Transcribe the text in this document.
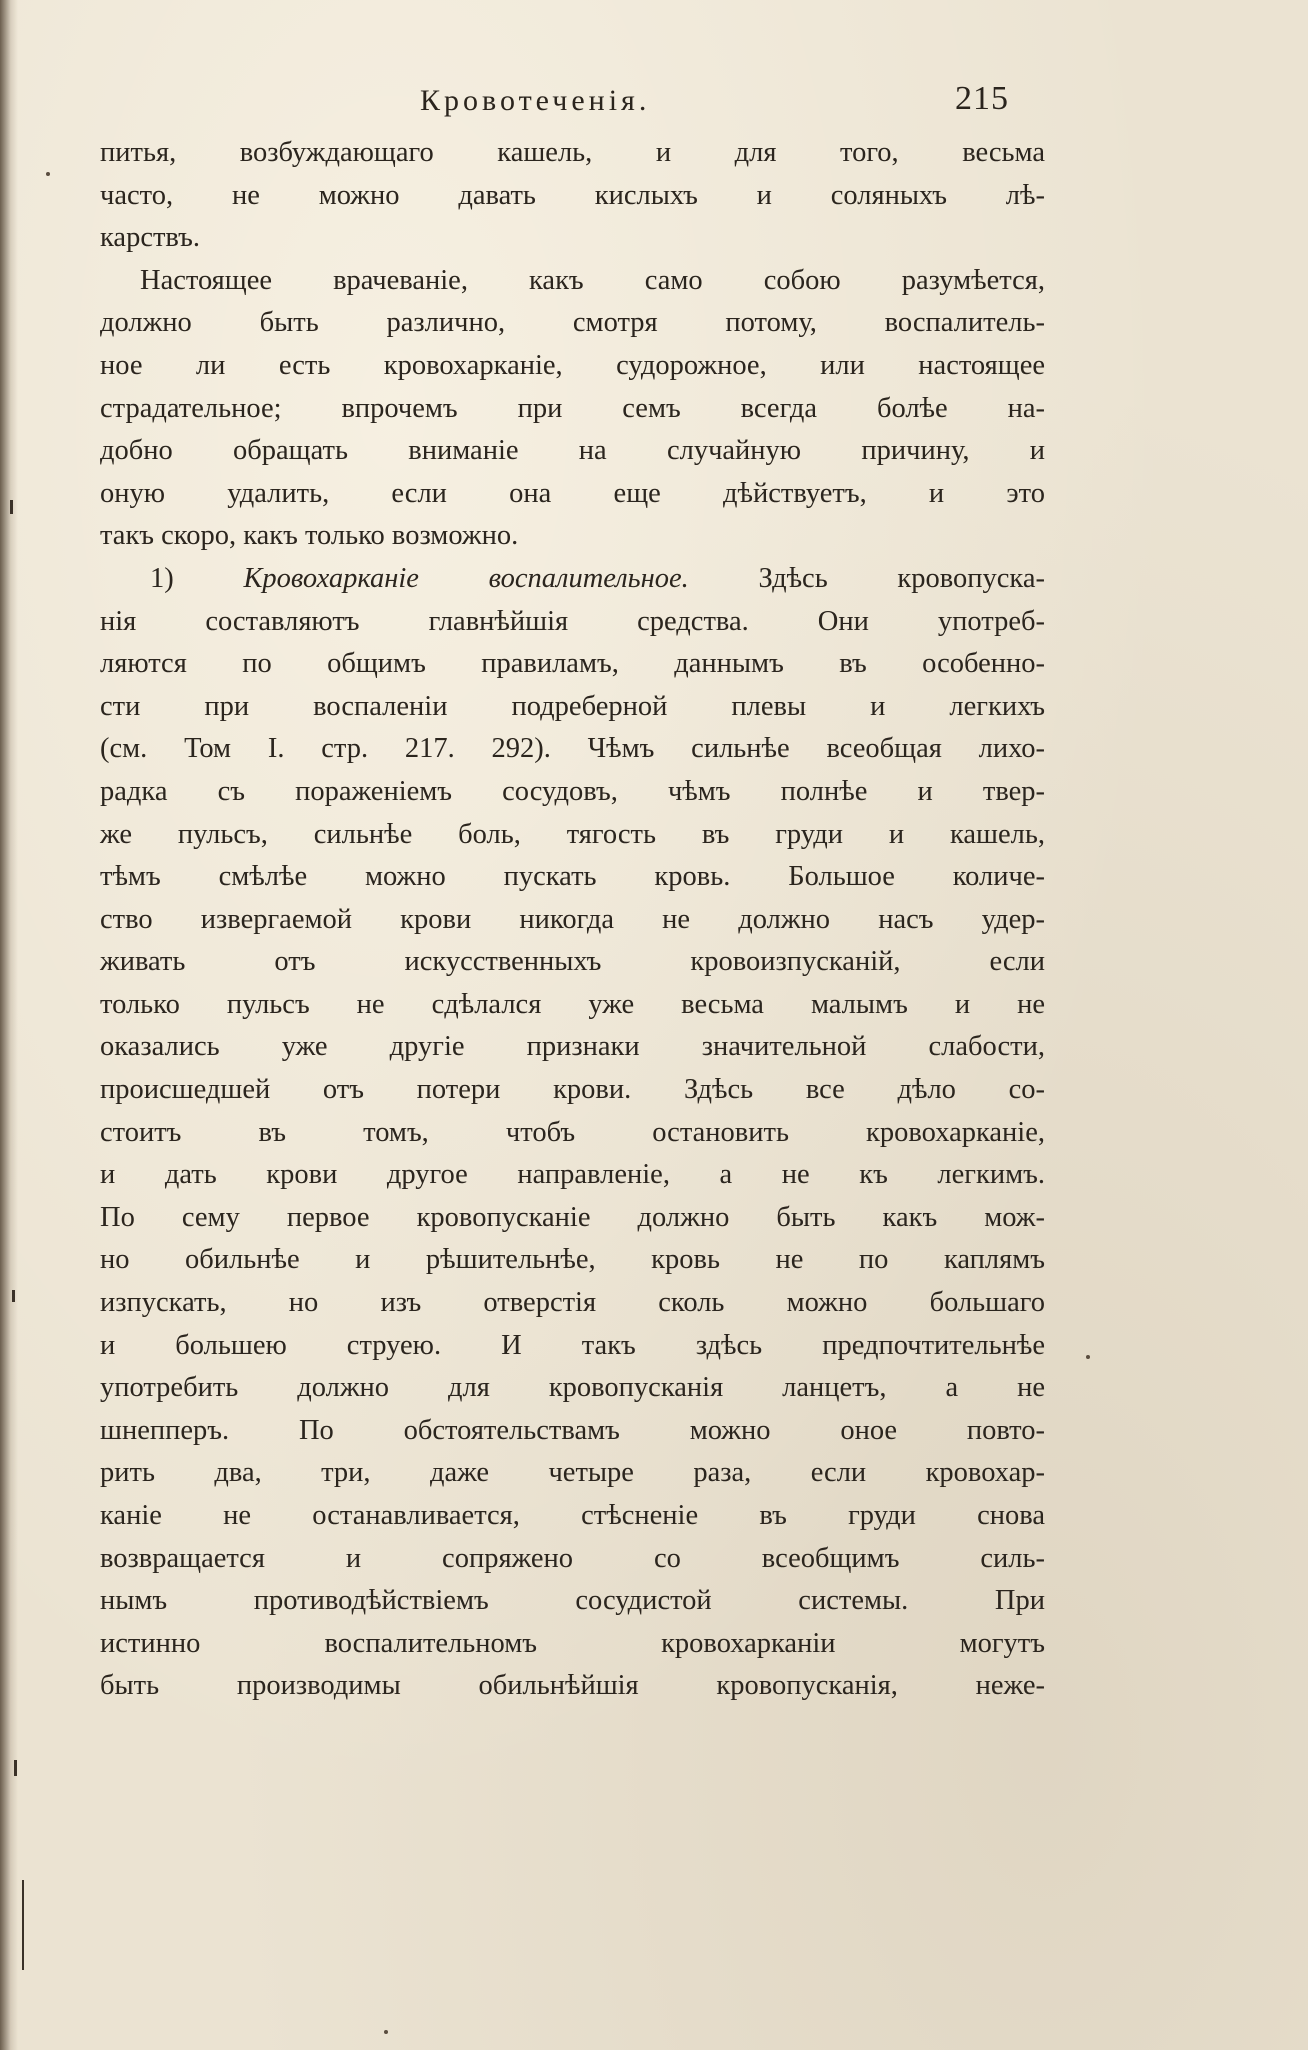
Кровотеченія.	215
питья, возбуждающаго кашель, и для того, весьма
часто, не можно давать кислыхъ и соляныхъ лѣ-
карствъ.
Настоящее врачеваніе, какъ само собою разумѣется,
должно быть различно, смотря потому, воспалитель-
ное ли есть кровохарканіе, судорожное, или настоящее
страдательное; впрочемъ при семъ всегда болѣе на-
добно обращать вниманіе на случайную причину, и
оную удалить, если она еще дѣйствуетъ, и это
такъ скоро, какъ только возможно.
1) Кровохарканіе воспалительное. Здѣсь кровопуска-
нія составляютъ главнѣйшія средства. Они употреб-
ляются по общимъ правиламъ, даннымъ въ особенно-
сти при воспаленіи подреберной плевы и легкихъ
(см. Том I. стр. 217. 292). Чѣмъ сильнѣе всеобщая лихо-
радка съ пораженіемъ сосудовъ, чѣмъ полнѣе и твер-
же пульсъ, сильнѣе боль, тягость въ груди и кашель,
тѣмъ смѣлѣе можно пускать кровь. Большое количе-
ство извергаемой крови никогда не должно насъ удер-
живать отъ искусственныхъ кровоизпусканій, если
только пульсъ не сдѣлался уже весьма малымъ и не
оказались уже другіе признаки значительной слабости,
происшедшей отъ потери крови. Здѣсь все дѣло со-
стоитъ въ томъ, чтобъ остановить кровохарканіе,
и дать крови другое направленіе, а не къ легкимъ.
По сему первое кровопусканіе должно быть какъ мож-
но обильнѣе и рѣшительнѣе, кровь не по каплямъ
изпускать, но изъ отверстія сколь можно большаго
и большею струею. И такъ здѣсь предпочтительнѣе
употребить должно для кровопусканія ланцетъ, а не
шнепперъ. По обстоятельствамъ можно оное повто-
рить два, три, даже четыре раза, если кровохар-
каніе не останавливается, стѣсненіе въ груди снова
возвращается и сопряжено со всеобщимъ силь-
нымъ противодѣйствіемъ сосудистой системы. При
истинно воспалительномъ кровохарканіи могутъ
быть производимы обильнѣйшія кровопусканія, неже-
